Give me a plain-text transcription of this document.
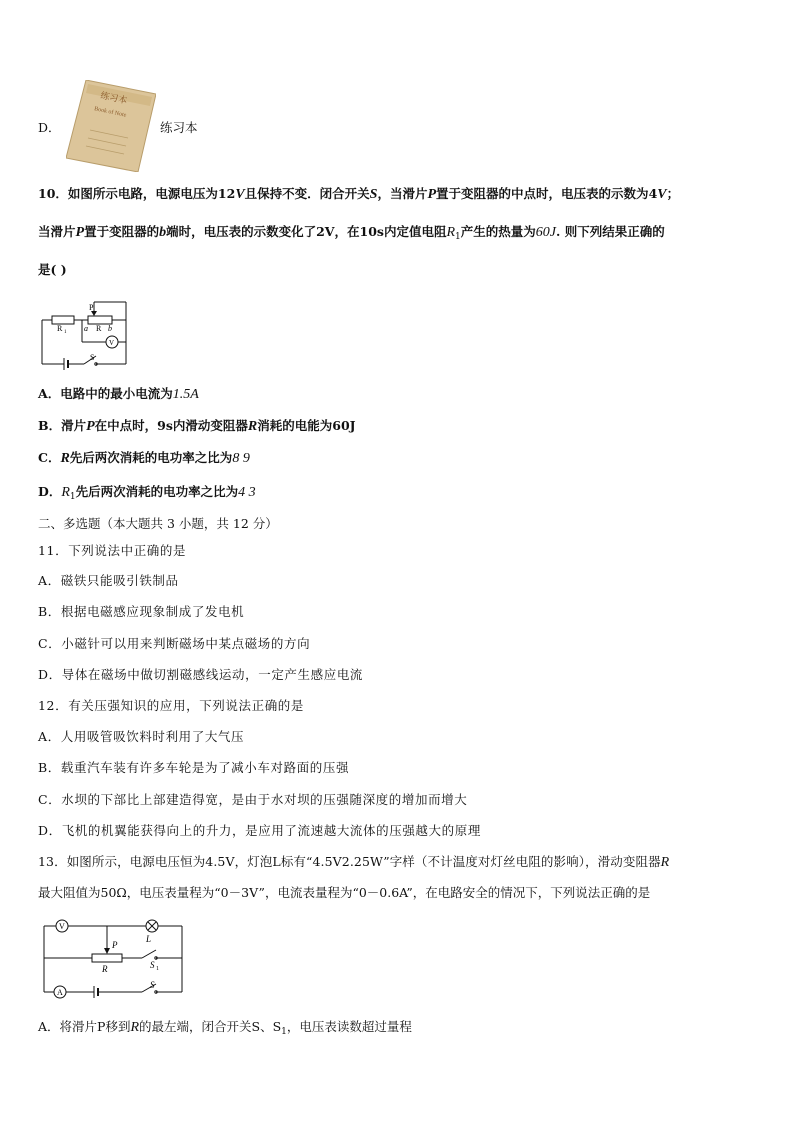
D．
练习本
Book of Note
练习本
10．如图所示电路，电源电压为12V且保持不变．闭合开关S，当滑片P置于变阻器的中点时，电压表的示数为4V；
当滑片P置于变阻器的b端时，电压表的示数变化了2V，在10s内定值电阻$R_1$产生的热量为60J. 则下列结果正确的
是( )
R 1 a R b
P
V
S
A．电路中的最小电流为1.5A
B．滑片P在中点时，9s内滑动变阻器R消耗的电能为60J
C．R先后两次消耗的电功率之比为8 9
D．$R_1$先后两次消耗的电功率之比为4 3
二、多选题（本大题共 3 小题，共 12 分）
11．下列说法中正确的是
A．磁铁只能吸引铁制品
B．根据电磁感应现象制成了发电机
C．小磁针可以用来判断磁场中某点磁场的方向
D．导体在磁场中做切割磁感线运动，一定产生感应电流
12．有关压强知识的应用，下列说法正确的是
A．人用吸管吸饮料时利用了大气压
B．载重汽车装有许多车轮是为了减小车对路面的压强
C．水坝的下部比上部建造得宽，是由于水对坝的压强随深度的增加而增大
D．飞机的机翼能获得向上的升力，是应用了流速越大流体的压强越大的原理
13．如图所示，电源电压恒为4.5V，灯泡L标有“4.5V2.25W”字样（不计温度对灯丝电阻的影响），滑动变阻器R
最大阻值为50Ω，电压表量程为“0－3V”，电流表量程为“0－0.6A”，在电路安全的情况下，下列说法正确的是
V
L
P
R	S 1
A
S
A．将滑片P移到R的最左端，闭合开关S、$S_1$，电压表读数超过量程
